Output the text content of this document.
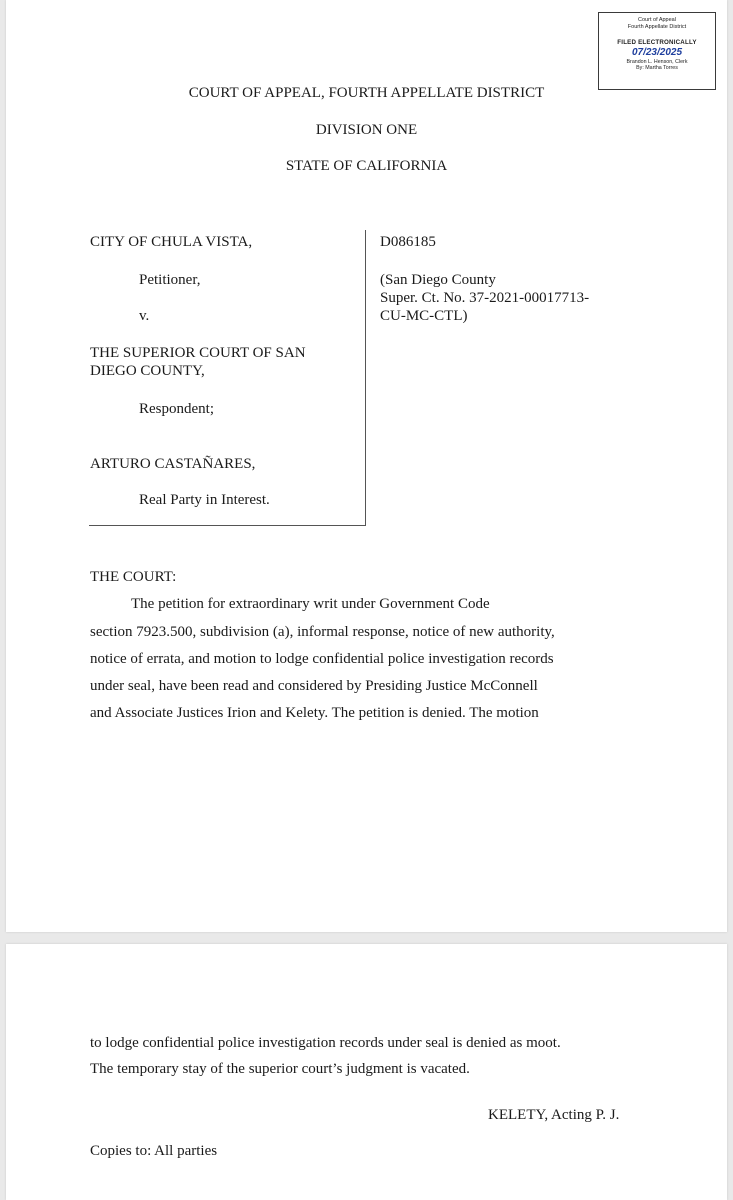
Court of Appeal
Fourth Appellate District
FILED ELECTRONICALLY
07/23/2025
Brandon L. Henson, Clerk
By: Martha Torres
COURT OF APPEAL, FOURTH APPELLATE DISTRICT
DIVISION ONE
STATE OF CALIFORNIA
CITY OF CHULA VISTA,
Petitioner,
v.
THE SUPERIOR COURT OF SAN
DIEGO COUNTY,
Respondent;
ARTURO CASTAÑARES,
Real Party in Interest.
D086185
(San Diego County
Super. Ct. No. 37-2021-00017713-
CU-MC-CTL)
THE COURT:
The petition for extraordinary writ under Government Code
section 7923.500, subdivision (a), informal response, notice of new authority,
notice of errata, and motion to lodge confidential police investigation records
under seal, have been read and considered by Presiding Justice McConnell
and Associate Justices Irion and Kelety. The petition is denied. The motion
to lodge confidential police investigation records under seal is denied as moot.
The temporary stay of the superior court’s judgment is vacated.
KELETY, Acting P. J.
Copies to: All parties
